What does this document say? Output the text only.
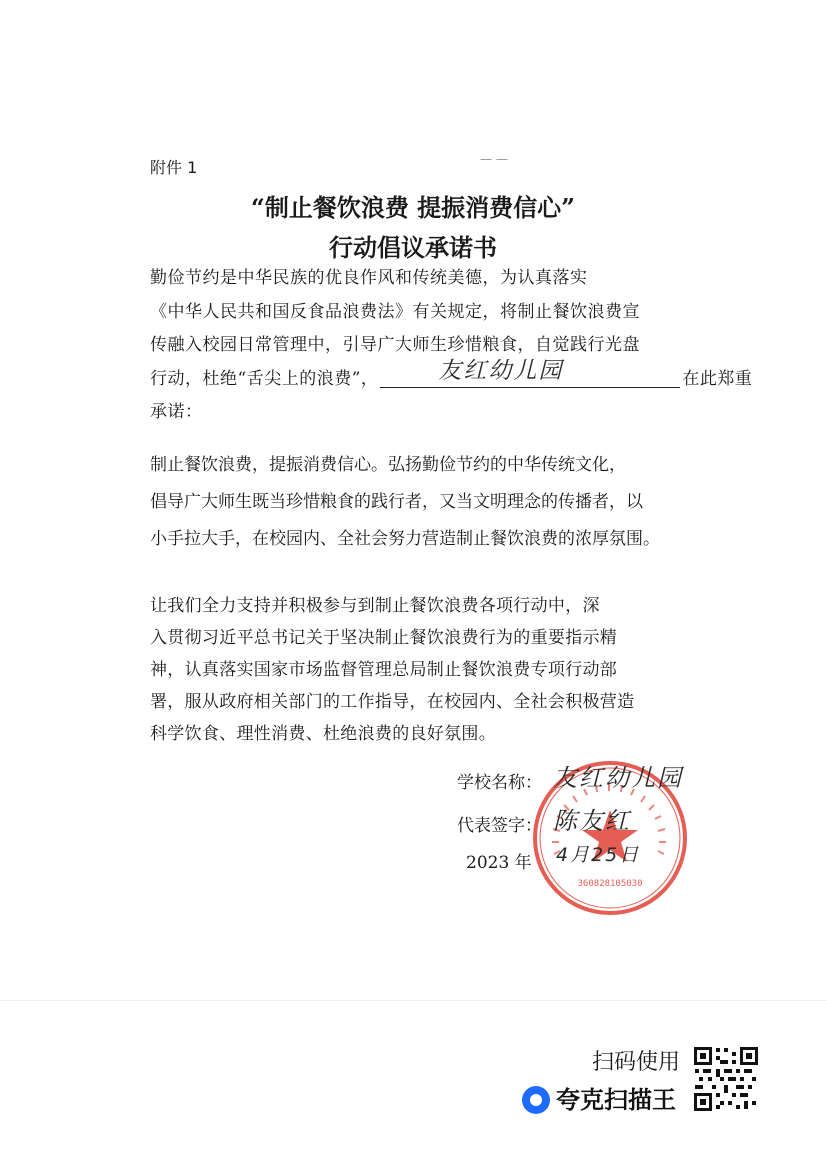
附件 1	— —
“制止餐饮浪费 提振消费信心”
行动倡议承诺书
勤俭节约是中华民族的优良作风和传统美德，为认真落实
《中华人民共和国反食品浪费法》有关规定，将制止餐饮浪费宣
传融入校园日常管理中，引导广大师生珍惜粮食，自觉践行光盘
行动，杜绝“舌尖上的浪费”，	友红幼儿园	在此郑重
承诺：
制止餐饮浪费，提振消费信心。弘扬勤俭节约的中华传统文化，
倡导广大师生既当珍惜粮食的践行者，又当文明理念的传播者，以
小手拉大手，在校园内、全社会努力营造制止餐饮浪费的浓厚氛围。
让我们全力支持并积极参与到制止餐饮浪费各项行动中，深
入贯彻习近平总书记关于坚决制止餐饮浪费行为的重要指示精
神，认真落实国家市场监督管理总局制止餐饮浪费专项行动部
署，服从政府相关部门的工作指导，在校园内、全社会积极营造
科学饮食、理性消费、杜绝浪费的良好氛围。
360828105030
学校名称： 友红幼儿园
代表签字： 陈友红
2023 年 4月25日
扫码使用
夸克扫描王
